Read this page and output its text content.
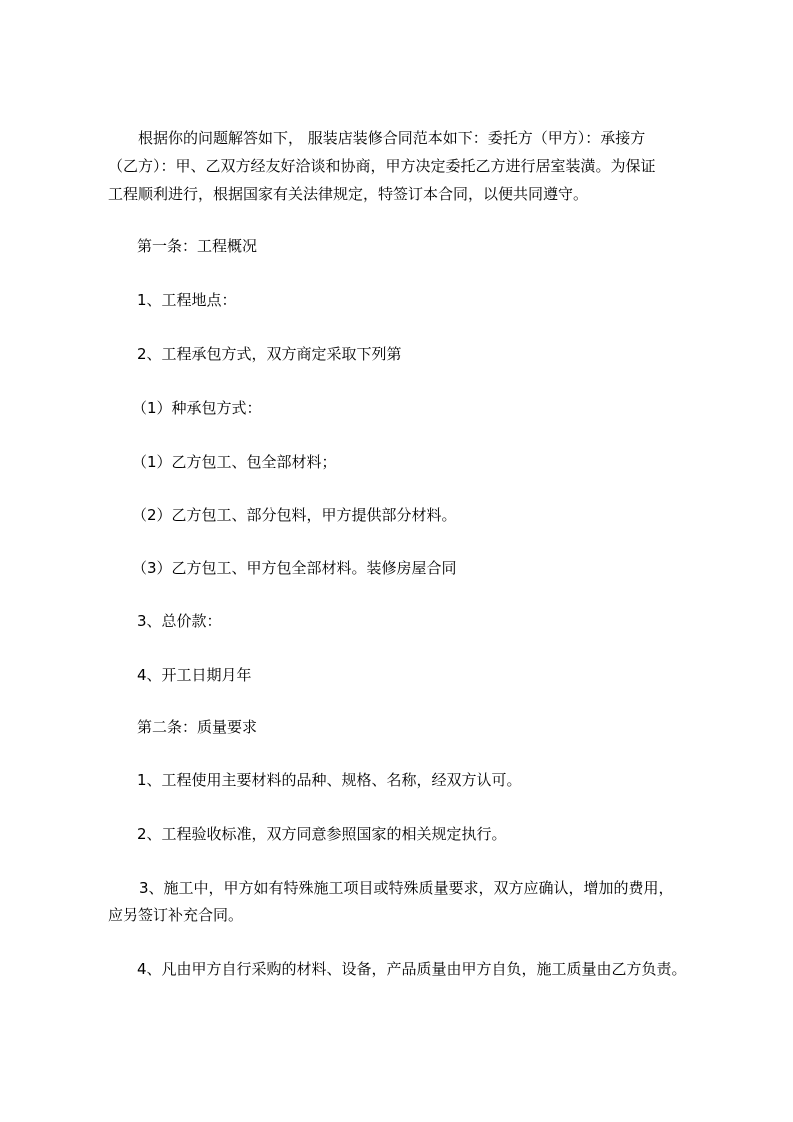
根据你的问题解答如下， 服装店装修合同范本如下：委托方（甲方）：承接方
（乙方）：甲、乙双方经友好洽谈和协商，甲方决定委托乙方进行居室装潢。为保证
工程顺利进行，根据国家有关法律规定，特签订本合同，以便共同遵守。
第一条：工程概况
1、工程地点：
2、工程承包方式，双方商定采取下列第
（1）种承包方式：
（1）乙方包工、包全部材料；
（2）乙方包工、部分包料，甲方提供部分材料。
（3）乙方包工、甲方包全部材料。装修房屋合同
3、总价款：
4、开工日期月年
第二条：质量要求
1、工程使用主要材料的品种、规格、名称，经双方认可。
2、工程验收标准，双方同意参照国家的相关规定执行。
3、施工中，甲方如有特殊施工项目或特殊质量要求，双方应确认，增加的费用，
应另签订补充合同。
4、凡由甲方自行采购的材料、设备，产品质量由甲方自负，施工质量由乙方负责。
